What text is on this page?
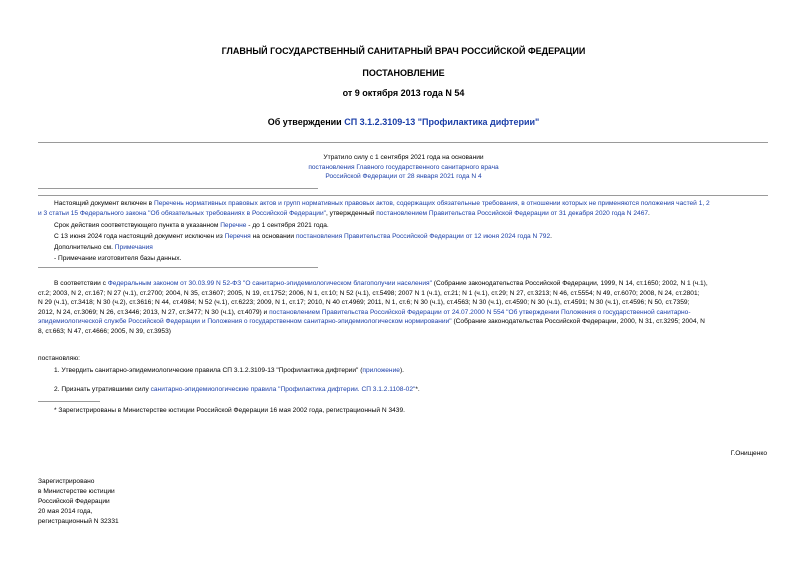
ГЛАВНЫЙ ГОСУДАРСТВЕННЫЙ САНИТАРНЫЙ ВРАЧ РОССИЙСКОЙ ФЕДЕРАЦИИ
ПОСТАНОВЛЕНИЕ
от 9 октября 2013 года N 54
Об утверждении СП 3.1.2.3109-13 "Профилактика дифтерии"
Утратило силу с 1 сентября 2021 года на основании
постановления Главного государственного санитарного врача
Российской Федерации от 28 января 2021 года N 4
Настоящий документ включен в Перечень нормативных правовых актов и групп нормативных правовых актов, содержащих обязательные требования, в отношении которых не применяются положения частей 1, 2
и 3 статьи 15 Федерального закона "Об обязательных требованиях в Российской Федерации", утвержденный постановлением Правительства Российской Федерации от 31 декабря 2020 года N 2467.
Срок действия соответствующего пункта в указанном Перечне - до 1 сентября 2021 года.
С 13 июня 2024 года настоящий документ исключен из Перечня на основании постановления Правительства Российской Федерации от 12 июня 2024 года N 792.
Дополнительно см. Примечания
- Примечание изготовителя базы данных.
В соответствии с Федеральным законом от 30.03.99 N 52-ФЗ "О санитарно-эпидемиологическом благополучии населения" (Собрание законодательства Российской Федерации, 1999, N 14, ст.1650; 2002, N 1 (ч.1),
ст.2; 2003, N 2, ст.167; N 27 (ч.1), ст.2700; 2004, N 35, ст.3607; 2005, N 19, ст.1752; 2006, N 1, ст.10; N 52 (ч.1), ст.5498; 2007 N 1 (ч.1), ст.21; N 1 (ч.1), ст.29; N 27, ст.3213; N 46, ст.5554; N 49, ст.6070; 2008, N 24, ст.2801;
N 29 (ч.1), ст.3418; N 30 (ч.2), ст.3616; N 44, ст.4984; N 52 (ч.1), ст.6223; 2009, N 1, ст.17; 2010, N 40 ст.4969; 2011, N 1, ст.6; N 30 (ч.1), ст.4563; N 30 (ч.1), ст.4590; N 30 (ч.1), ст.4591; N 30 (ч.1), ст.4596; N 50, ст.7359;
2012, N 24, ст.3069; N 26, ст.3446; 2013, N 27, ст.3477; N 30 (ч.1), ст.4079) и постановлением Правительства Российской Федерации от 24.07.2000 N 554 "Об утверждении Положения о государственной санитарно-
эпидемиологической службе Российской Федерации и Положения о государственном санитарно-эпидемиологическом нормировании" (Собрание законодательства Российской Федерации, 2000, N 31, ст.3295; 2004, N
8, ст.663; N 47, ст.4666; 2005, N 39, ст.3953)
постановляю:
1. Утвердить санитарно-эпидемиологические правила СП 3.1.2.3109-13 "Профилактика дифтерии" (приложение).
2. Признать утратившими силу санитарно-эпидемиологические правила "Профилактика дифтерии. СП 3.1.2.1108-02"*.
* Зарегистрированы в Министерстве юстиции Российской Федерации 16 мая 2002 года, регистрационный N 3439.
Г.Онищенко
Зарегистрировано
в Министерстве юстиции
Российской Федерации
20 мая 2014 года,
регистрационный N 32331
